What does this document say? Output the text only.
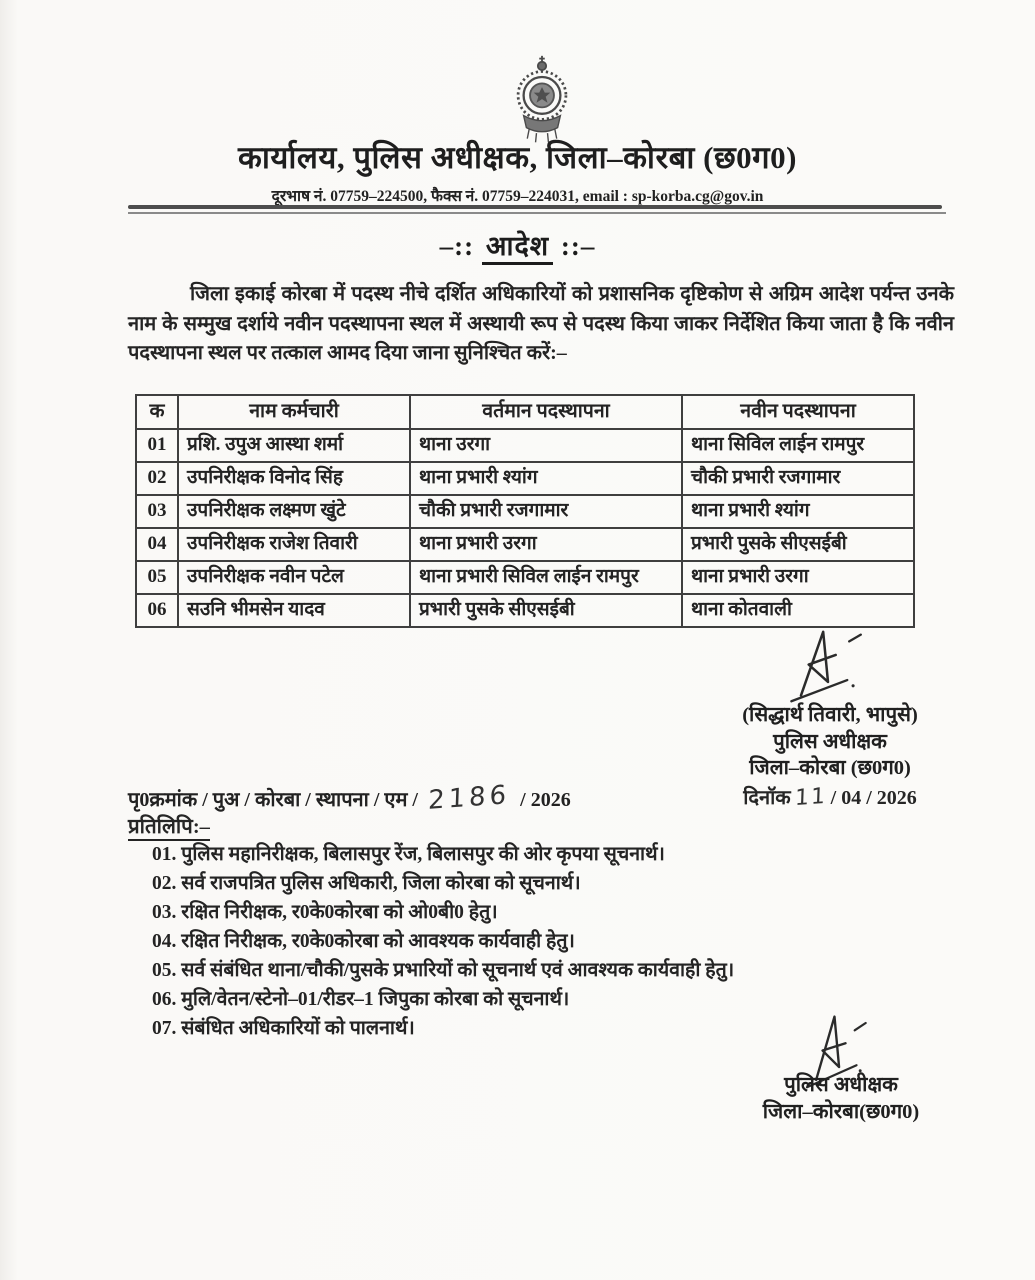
कार्यालय, पुलिस अधीक्षक, जिला–कोरबा (छ0ग0)
दूरभाष नं. 07759–224500, फैक्स नं. 07759–224031, email : sp-korba.cg@gov.in
–:: आदेश ::–
जिला इकाई कोरबा में पदस्थ नीचे दर्शित अधिकारियों को प्रशासनिक दृष्टिकोण से अग्रिम आदेश पर्यन्त उनके नाम के सम्मुख दर्शाये नवीन पदस्थापना स्थल में अस्थायी रूप से पदस्थ किया जाकर निर्देशित किया जाता है कि नवीन पदस्थापना स्थल पर तत्काल आमद दिया जाना सुनिश्चित करें:–
क	नाम कर्मचारी	वर्तमान पदस्थापना	नवीन पदस्थापना
01	प्रशि. उपुअ आस्था शर्मा	थाना उरगा	थाना सिविल लाईन रामपुर
02	उपनिरीक्षक विनोद सिंह	थाना प्रभारी श्यांग	चौकी प्रभारी रजगामार
03	उपनिरीक्षक लक्ष्मण खुंटे	चौकी प्रभारी रजगामार	थाना प्रभारी श्यांग
04	उपनिरीक्षक राजेश तिवारी	थाना प्रभारी उरगा	प्रभारी पुसके सीएसईबी
05	उपनिरीक्षक नवीन पटेल	थाना प्रभारी सिविल लाईन रामपुर	थाना प्रभारी उरगा
06	सउनि भीमसेन यादव	प्रभारी पुसके सीएसईबी	थाना कोतवाली
(सिद्धार्थ तिवारी, भापुसे)
पुलिस अधीक्षक
जिला–कोरबा (छ0ग0)
दिनॉक 11 / 04 / 2026
पृ0क्रमांक / पुअ / कोरबा / स्थापना / एम / 2186 / 2026
प्रतिलिपि:–
01. पुलिस महानिरीक्षक, बिलासपुर रेंज, बिलासपुर की ओर कृपया सूचनार्थ।
02. सर्व राजपत्रित पुलिस अधिकारी, जिला कोरबा को सूचनार्थ।
03. रक्षित निरीक्षक, र0के0कोरबा को ओ0बी0 हेतु।
04. रक्षित निरीक्षक, र0के0कोरबा को आवश्यक कार्यवाही हेतु।
05. सर्व संबंधित थाना/चौकी/पुसके प्रभारियों को सूचनार्थ एवं आवश्यक कार्यवाही हेतु।
06. मुलि/वेतन/स्टेनो–01/रीडर–1 जिपुका कोरबा को सूचनार्थ।
07. संबंधित अधिकारियों को पालनार्थ।
पुलिस अधीक्षक
जिला–कोरबा(छ0ग0)
